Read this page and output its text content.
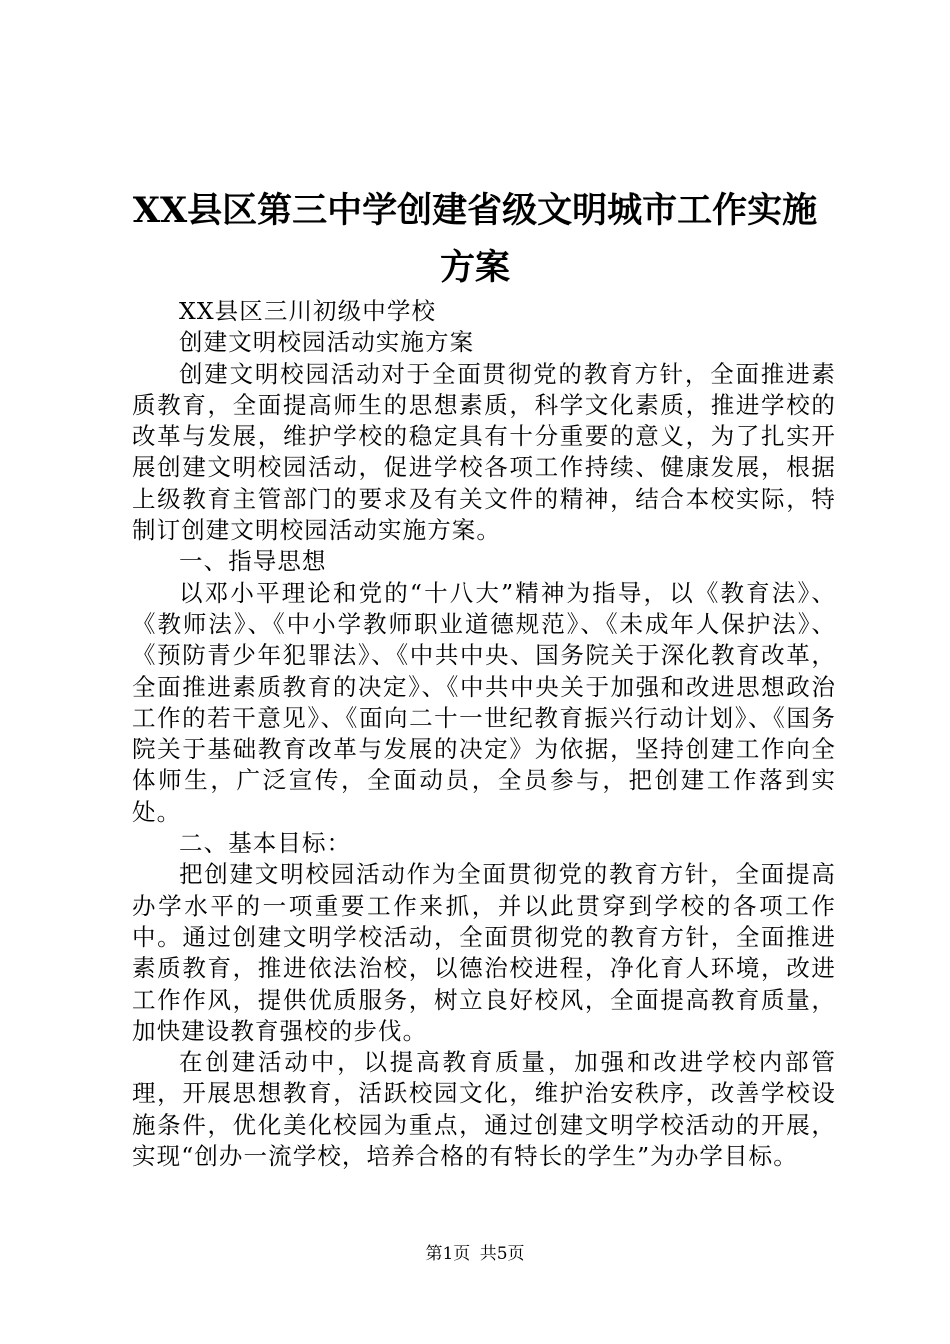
XX县区第三中学创建省级文明城市工作实施
方案

XX县区三川初级中学校

创建文明校园活动实施方案

创建文明校园活动对于全面贯彻党的教育方针，全面推进素质教育，全面提高师生的思想素质，科学文化素质，推进学校的改革与发展，维护学校的稳定具有十分重要的意义，为了扎实开展创建文明校园活动，促进学校各项工作持续、健康发展，根据上级教育主管部门的要求及有关文件的精神，结合本校实际，特制订创建文明校园活动实施方案。

一、指导思想

以邓小平理论和党的“十八大”精神为指导，以《教育法》、《教师法》、《中小学教师职业道德规范》、《未成年人保护法》、《预防青少年犯罪法》、《中共中央、国务院关于深化教育改革，全面推进素质教育的决定》、《中共中央关于加强和改进思想政治工作的若干意见》、《面向二十一世纪教育振兴行动计划》、《国务院关于基础教育改革与发展的决定》为依据，坚持创建工作向全体师生，广泛宣传，全面动员，全员参与，把创建工作落到实处。

二、基本目标：

把创建文明校园活动作为全面贯彻党的教育方针，全面提高办学水平的一项重要工作来抓，并以此贯穿到学校的各项工作中。通过创建文明学校活动，全面贯彻党的教育方针，全面推进素质教育，推进依法治校，以德治校进程，净化育人环境，改进工作作风，提供优质服务，树立良好校风，全面提高教育质量，加快建设教育强校的步伐。

在创建活动中，以提高教育质量，加强和改进学校内部管理，开展思想教育，活跃校园文化，维护治安秩序，改善学校设施条件，优化美化校园为重点，通过创建文明学校活动的开展，实现“创办一流学校，培养合格的有特长的学生”为办学目标。

第1页 共5页
